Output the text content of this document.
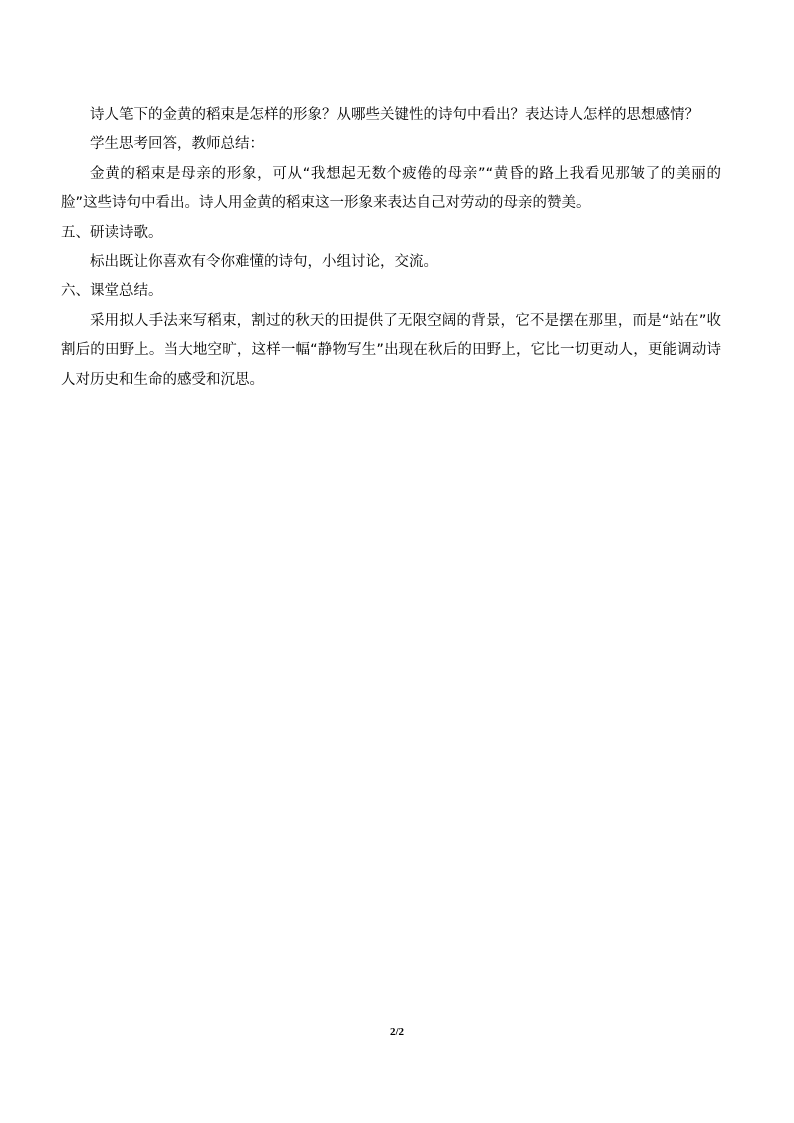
诗人笔下的金黄的稻束是怎样的形象？从哪些关键性的诗句中看出？表达诗人怎样的思想感情？

学生思考回答，教师总结：

金黄的稻束是母亲的形象，可从“我想起无数个疲倦的母亲”“黄昏的路上我看见那皱了的美丽的脸”这些诗句中看出。诗人用金黄的稻束这一形象来表达自己对劳动的母亲的赞美。

五、研读诗歌。

标出既让你喜欢有令你难懂的诗句，小组讨论，交流。

六、课堂总结。

采用拟人手法来写稻束，割过的秋天的田提供了无限空阔的背景，它不是摆在那里，而是“站在”收割后的田野上。当大地空旷，这样一幅“静物写生”出现在秋后的田野上，它比一切更动人，更能调动诗人对历史和生命的感受和沉思。

2/2
